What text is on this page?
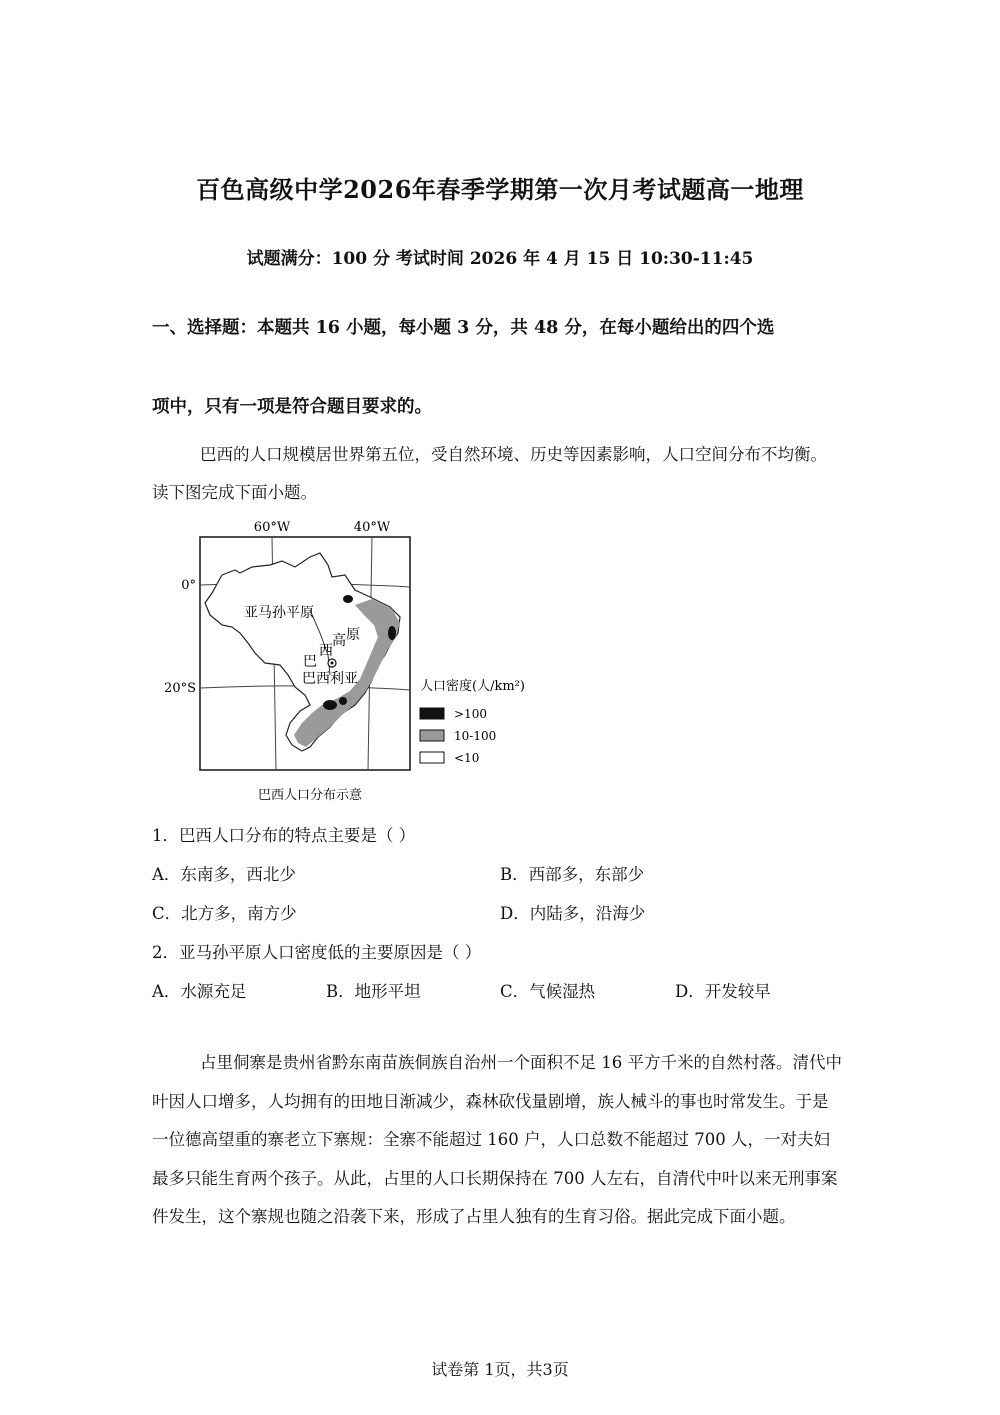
百色高级中学2026年春季学期第一次月考试题高一地理
试题满分：100 分 考试时间 2026 年 4 月 15 日 10:30-11:45
一、选择题：本题共 16 小题，每小题 3 分，共 48 分，在每小题给出的四个选
项中，只有一项是符合题目要求的。
巴西的人口规模居世界第五位，受自然环境、历史等因素影响，人口空间分布不均衡。读下图完成下面小题。
60°W	40°W
0°
20°S
亚马孙平原
高 原
巴
西
巴西利亚	人口密度(人/km²)
>100
10-100
<10
巴西人口分布示意
1．巴西人口分布的特点主要是（ ）
A．东南多，西北少	B．西部多，东部少
C．北方多，南方少	D．内陆多，沿海少
2．亚马孙平原人口密度低的主要原因是（ ）
A．水源充足	B．地形平坦	C．气候湿热	D．开发较早
占里侗寨是贵州省黔东南苗族侗族自治州一个面积不足 16 平方千米的自然村落。清代中叶因人口增多，人均拥有的田地日渐减少，森林砍伐量剧增，族人械斗的事也时常发生。于是一位德高望重的寨老立下寨规：全寨不能超过 160 户，人口总数不能超过 700 人，一对夫妇最多只能生育两个孩子。从此，占里的人口长期保持在 700 人左右，自清代中叶以来无刑事案件发生，这个寨规也随之沿袭下来，形成了占里人独有的生育习俗。据此完成下面小题。
试卷第 1页，共3页
